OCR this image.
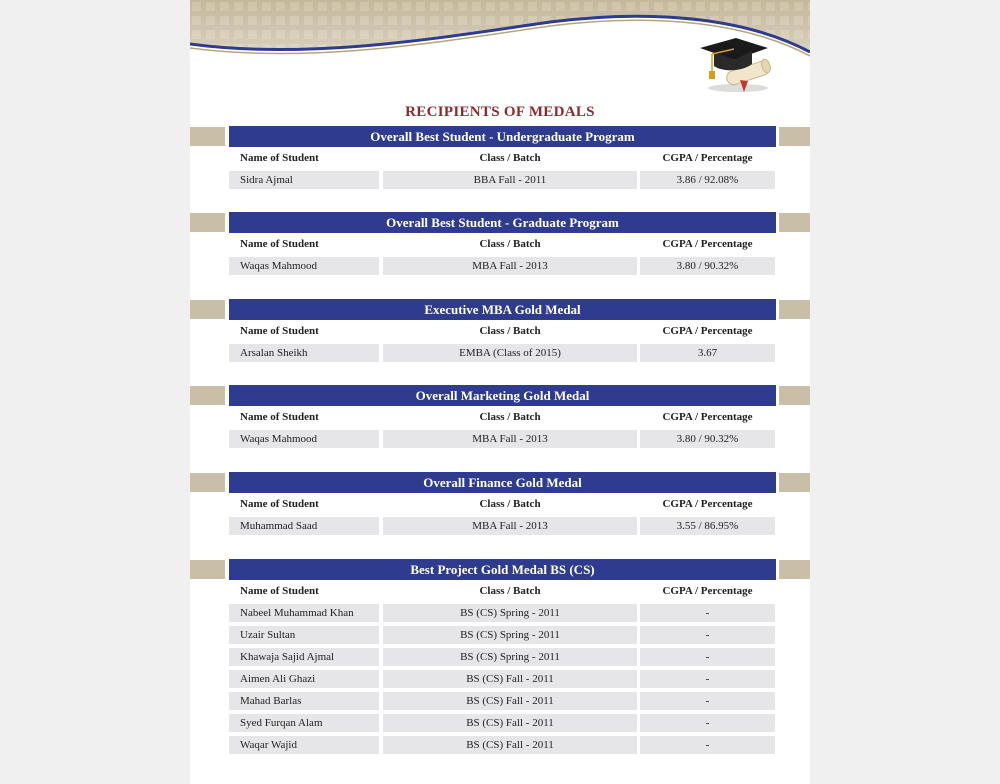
RECIPIENTS OF MEDALS
Overall Best Student - Undergraduate Program
Name of Student	Class / Batch	CGPA / Percentage
Sidra Ajmal	BBA Fall - 2011	3.86 / 92.08%
Overall Best Student - Graduate Program
Name of Student	Class / Batch	CGPA / Percentage
Waqas Mahmood	MBA Fall - 2013	3.80 / 90.32%
Executive MBA Gold Medal
Name of Student	Class / Batch	CGPA / Percentage
Arsalan Sheikh	EMBA (Class of 2015)	3.67
Overall Marketing Gold Medal
Name of Student	Class / Batch	CGPA / Percentage
Waqas Mahmood	MBA Fall - 2013	3.80 / 90.32%
Overall Finance Gold Medal
Name of Student	Class / Batch	CGPA / Percentage
Muhammad Saad	MBA Fall - 2013	3.55 / 86.95%
Best Project Gold Medal BS (CS)
Name of Student	Class / Batch	CGPA / Percentage
Nabeel Muhammad Khan	BS (CS) Spring - 2011	-
Uzair Sultan	BS (CS) Spring - 2011	-
Khawaja Sajid Ajmal	BS (CS) Spring - 2011	-
Aimen Ali Ghazi	BS (CS) Fall - 2011	-
Mahad Barlas	BS (CS) Fall - 2011	-
Syed Furqan Alam	BS (CS) Fall - 2011	-
Waqar Wajid	BS (CS) Fall - 2011	-
